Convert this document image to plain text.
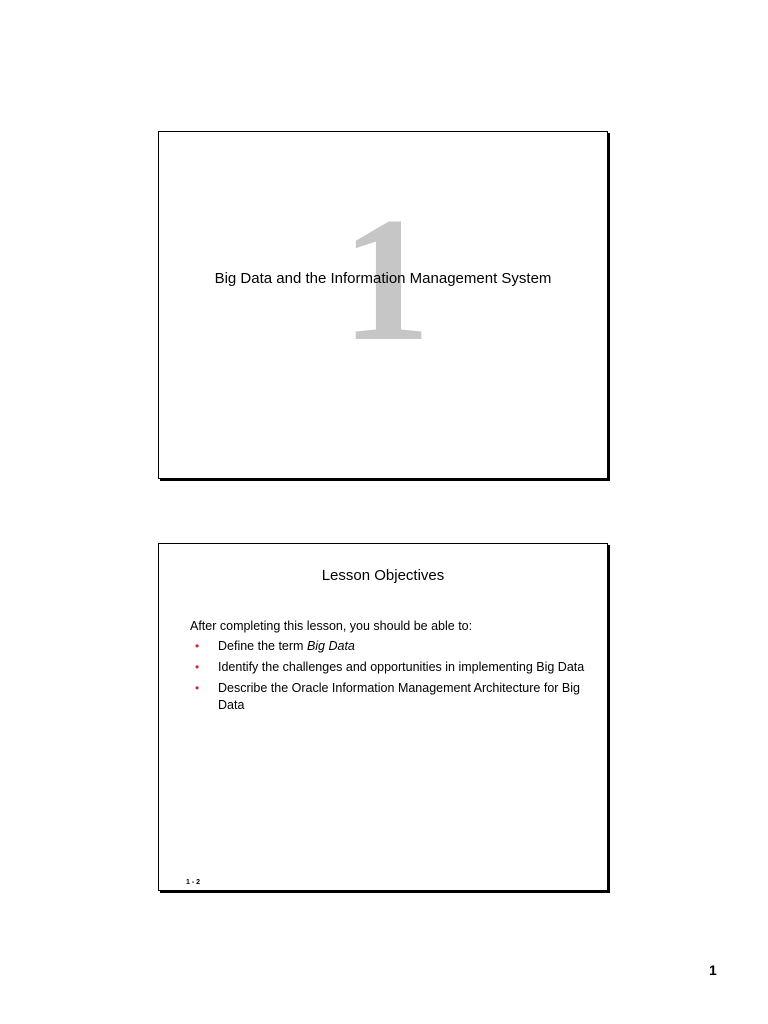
1
Big Data and the Information Management System
Lesson Objectives
After completing this lesson, you should be able to:
• Define the term Big Data
• Identify the challenges and opportunities in implementing Big Data
• Describe the Oracle Information Management Architecture for Big Data
1 - 2
1
